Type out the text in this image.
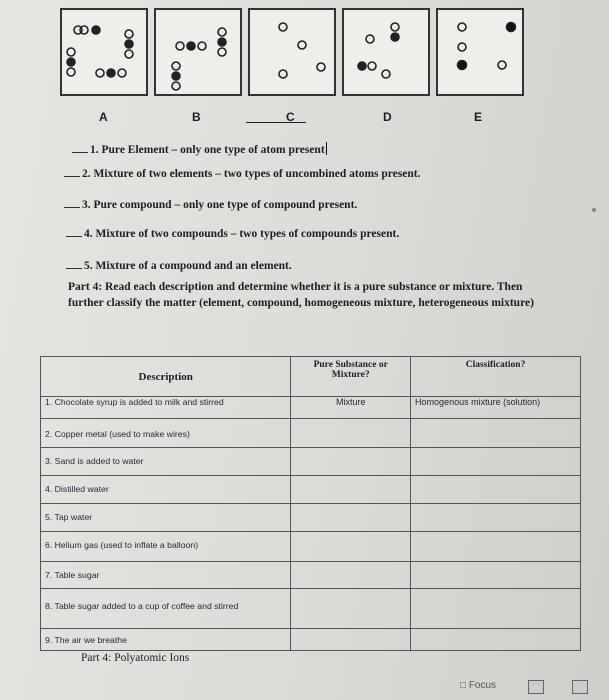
A	B	C	D	E
1. Pure Element – only one type of atom present
2. Mixture of two elements – two types of uncombined atoms present.
3. Pure compound – only one type of compound present.
4. Mixture of two compounds – two types of compounds present.
5. Mixture of a compound and an element.
Part 4: Read each description and determine whether it is a pure substance or mixture. Then further classify the matter (element, compound, homogeneous mixture, heterogeneous mixture)
Description	Pure Substance or Mixture?	Classification?
1. Chocolate syrup is added to milk and stirred	Mixture	Homogenous mixture (solution)
2. Copper metal (used to make wires)		
3. Sand is added to water		
4. Distilled water		
5. Tap water		
6. Helium gas (used to inflate a balloon)		
7. Table sugar		
8. Table sugar added to a cup of coffee and stirred		
9. The air we breathe		
Part 4: Polyatomic Ions
□ Focus
